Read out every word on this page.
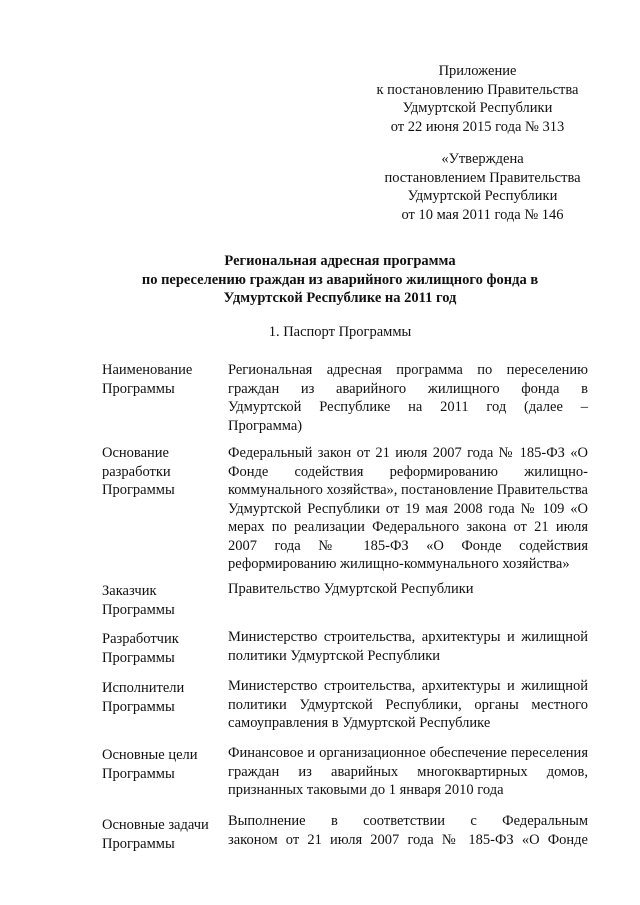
Приложение
к постановлению Правительства
Удмуртской Республики
от 22 июня 2015 года № 313
«Утверждена
постановлением Правительства
Удмуртской Республики
от 10 мая 2011 года № 146
Региональная адресная программа
по переселению граждан из аварийного жилищного фонда в
Удмуртской Республике на 2011 год
1. Паспорт Программы
Наименование
Программы
Региональная адресная программа по переселению
граждан из аварийного жилищного фонда в
Удмуртской Республике на 2011 год (далее –
Программа)
Основание
разработки
Программы
Федеральный закон от 21 июля 2007 года № 185-ФЗ «О
Фонде содействия реформированию жилищно-
коммунального хозяйства», постановление Правительства
Удмуртской Республики от 19 мая 2008 года № 109 «О
мерах по реализации Федерального закона от 21 июля
2007 года № 185-ФЗ «О Фонде содействия
реформированию жилищно-коммунального хозяйства»
Заказчик
Программы
Правительство Удмуртской Республики
Разработчик
Программы
Министерство строительства, архитектуры и жилищной
политики Удмуртской Республики
Исполнители
Программы
Министерство строительства, архитектуры и жилищной
политики Удмуртской Республики, органы местного
самоуправления в Удмуртской Республике
Основные цели
Программы
Финансовое и организационное обеспечение переселения
граждан из аварийных многоквартирных домов,
признанных таковыми до 1 января 2010 года
Основные задачи
Программы
Выполнение в соответствии с Федеральным
законом от 21 июля 2007 года № 185-ФЗ «О Фонде
